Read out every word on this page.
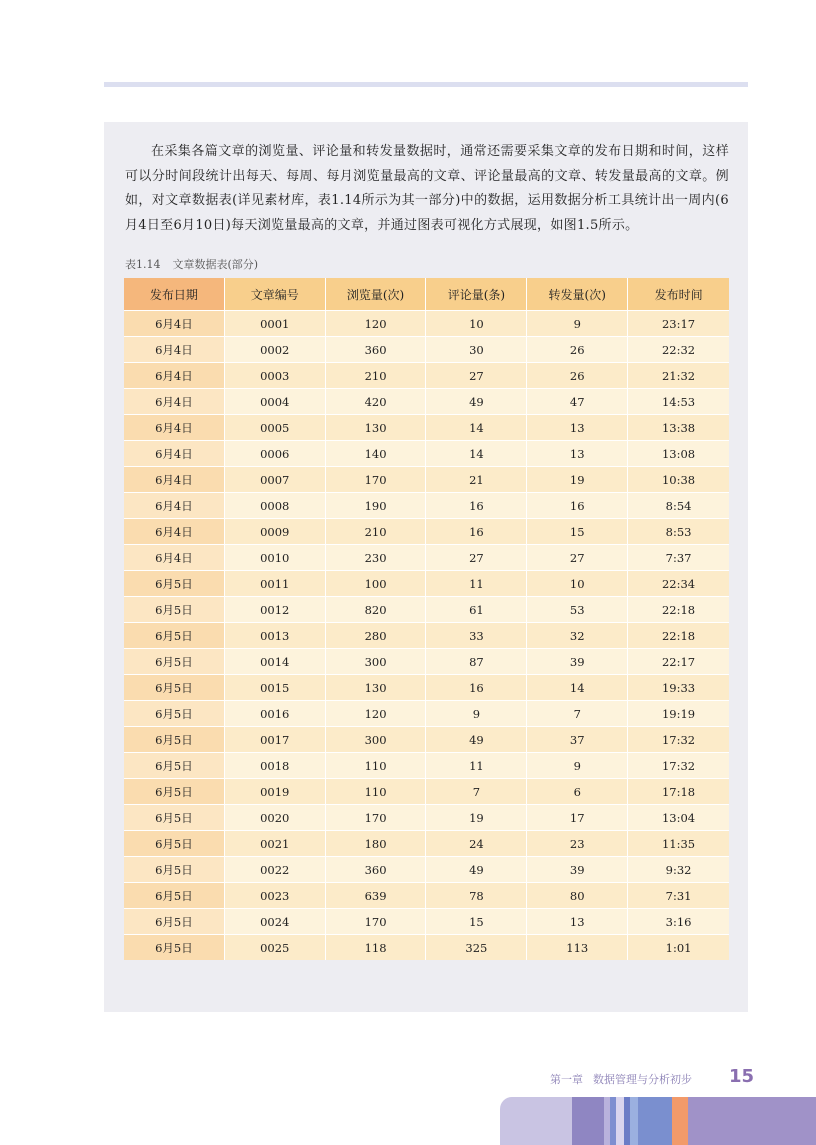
在采集各篇文章的浏览量、评论量和转发量数据时，通常还需要采集文章的发布日期和时间，这样可以分时间段统计出每天、每周、每月浏览量最高的文章、评论量最高的文章、转发量最高的文章。例如，对文章数据表(详见素材库，表1.14所示为其一部分)中的数据，运用数据分析工具统计出一周内(6月4日至6月10日)每天浏览量最高的文章，并通过图表可视化方式展现，如图1.5所示。

表1.14 文章数据表(部分)
发布日期	文章编号	浏览量(次)	评论量(条)	转发量(次)	发布时间
6月4日	0001	120	10	9	23:17
6月4日	0002	360	30	26	22:32
6月4日	0003	210	27	26	21:32
6月4日	0004	420	49	47	14:53
6月4日	0005	130	14	13	13:38
6月4日	0006	140	14	13	13:08
6月4日	0007	170	21	19	10:38
6月4日	0008	190	16	16	8:54
6月4日	0009	210	16	15	8:53
6月4日	0010	230	27	27	7:37
6月5日	0011	100	11	10	22:34
6月5日	0012	820	61	53	22:18
6月5日	0013	280	33	32	22:18
6月5日	0014	300	87	39	22:17
6月5日	0015	130	16	14	19:33
6月5日	0016	120	9	7	19:19
6月5日	0017	300	49	37	17:32
6月5日	0018	110	11	9	17:32
6月5日	0019	110	7	6	17:18
6月5日	0020	170	19	17	13:04
6月5日	0021	180	24	23	11:35
6月5日	0022	360	49	39	9:32
6月5日	0023	639	78	80	7:31
6月5日	0024	170	15	13	3:16
6月5日	0025	118	325	113	1:01
第一章 数据管理与分析初步	15
